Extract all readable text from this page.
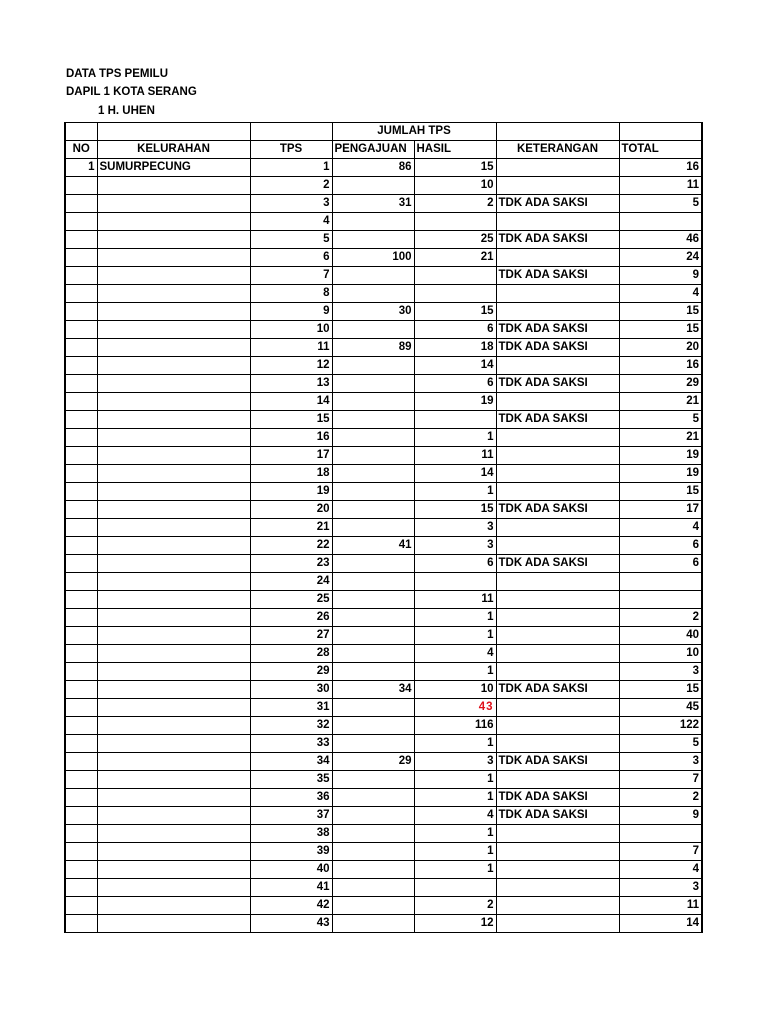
DATA TPS PEMILU
DAPIL 1 KOTA SERANG
1 H. UHEN
			JUMLAH TPS			
NO	KELURAHAN	TPS	PENGAJUAN	HASIL	KETERANGAN	TOTAL
1	SUMURPECUNG	1	86	15		16
		2		10		11
		3	31	2	TDK ADA SAKSI	5
		4				
		5		25	TDK ADA SAKSI	46
		6	100	21		24
		7			TDK ADA SAKSI	9
		8				4
		9	30	15		15
		10		6	TDK ADA SAKSI	15
		11	89	18	TDK ADA SAKSI	20
		12		14		16
		13		6	TDK ADA SAKSI	29
		14		19		21
		15			TDK ADA SAKSI	5
		16		1		21
		17		11		19
		18		14		19
		19		1		15
		20		15	TDK ADA SAKSI	17
		21		3		4
		22	41	3		6
		23		6	TDK ADA SAKSI	6
		24				
		25		11		
		26		1		2
		27		1		40
		28		4		10
		29		1		3
		30	34	10	TDK ADA SAKSI	15
		31		43		45
		32		116		122
		33		1		5
		34	29	3	TDK ADA SAKSI	3
		35		1		7
		36		1	TDK ADA SAKSI	2
		37		4	TDK ADA SAKSI	9
		38		1		
		39		1		7
		40		1		4
		41				3
		42		2		11
		43		12		14
